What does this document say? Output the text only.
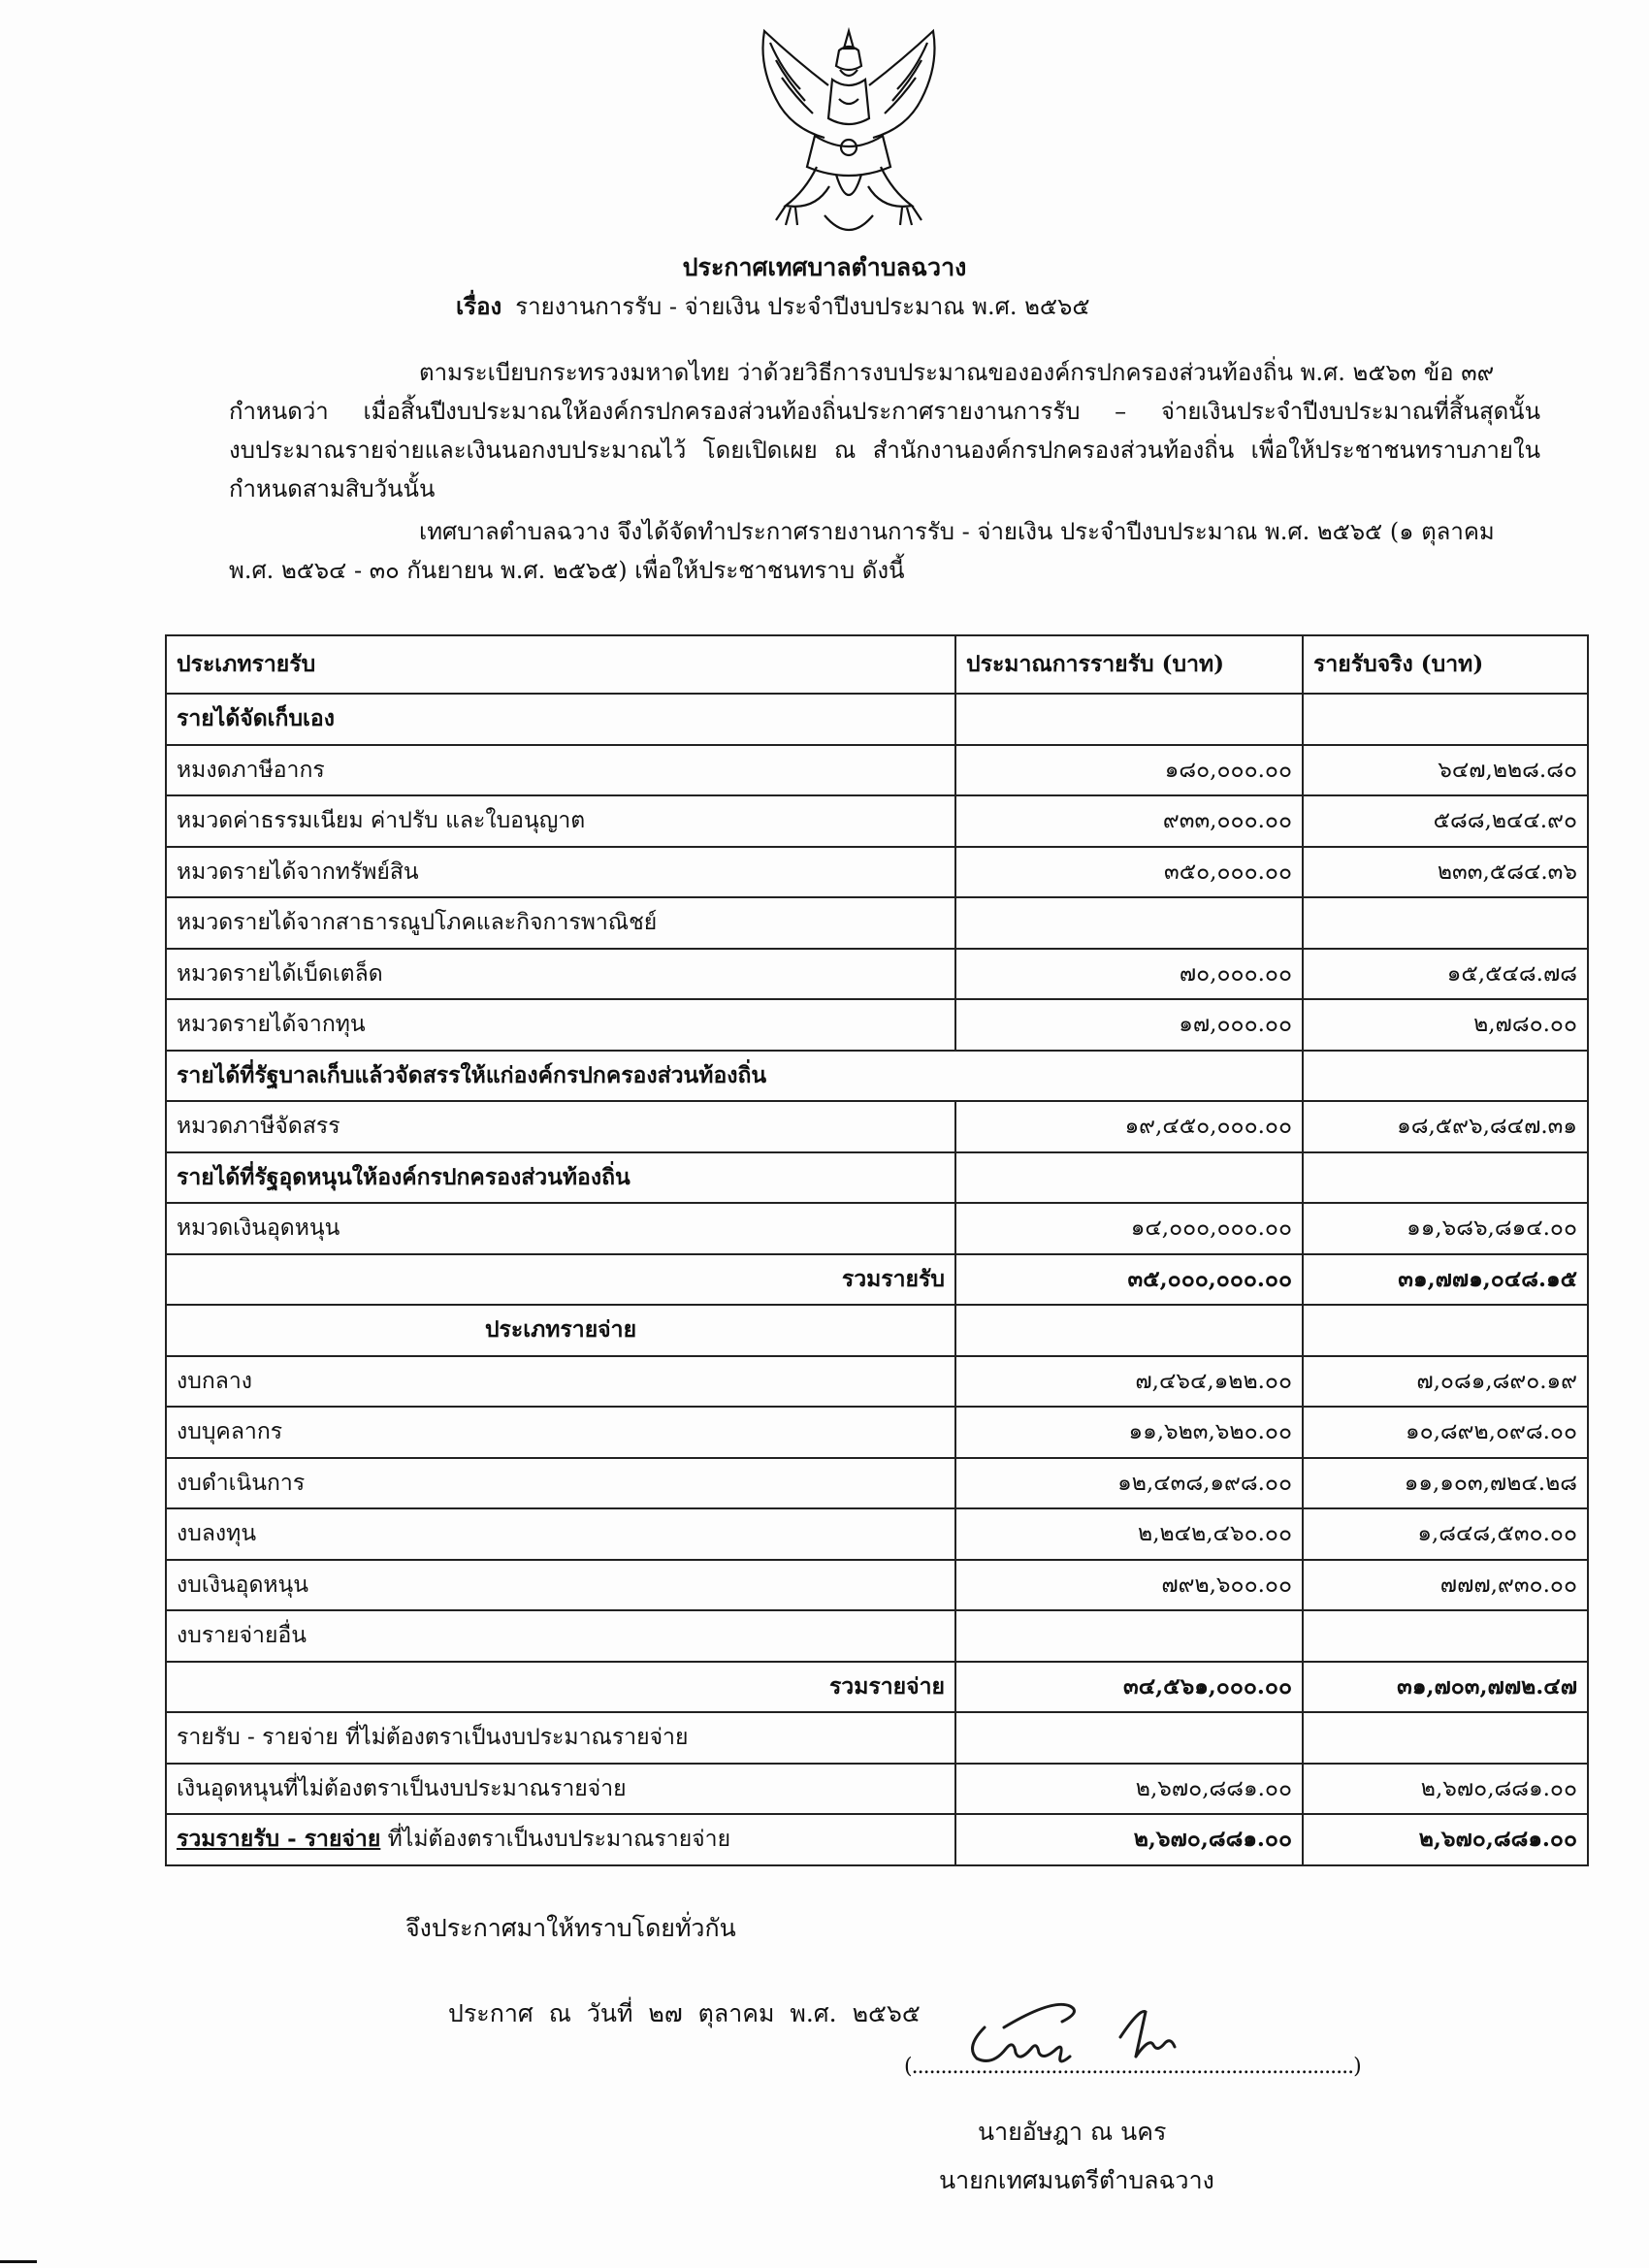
ประกาศเทศบาลตำบลฉวาง
เรื่อง รายงานการรับ - จ่ายเงิน ประจำปีงบประมาณ พ.ศ. ๒๕๖๕
ตามระเบียบกระทรวงมหาดไทย ว่าด้วยวิธีการงบประมาณขององค์กรปกครองส่วนท้องถิ่น พ.ศ. ๒๕๖๓ ข้อ ๓๙
กำหนดว่า เมื่อสิ้นปีงบประมาณให้องค์กรปกครองส่วนท้องถิ่นประกาศรายงานการรับ – จ่ายเงินประจำปีงบประมาณที่สิ้นสุดนั้น
งบประมาณรายจ่ายและเงินนอกงบประมาณไว้ โดยเปิดเผย ณ สำนักงานองค์กรปกครองส่วนท้องถิ่น เพื่อให้ประชาชนทราบภายใน
กำหนดสามสิบวันนั้น
เทศบาลตำบลฉวาง จึงได้จัดทำประกาศรายงานการรับ - จ่ายเงิน ประจำปีงบประมาณ พ.ศ. ๒๕๖๕ (๑ ตุลาคม
พ.ศ. ๒๕๖๔ - ๓๐ กันยายน พ.ศ. ๒๕๖๕) เพื่อให้ประชาชนทราบ ดังนี้
ประเภทรายรับ	ประมาณการรายรับ (บาท)	รายรับจริง (บาท)
รายได้จัดเก็บเอง		
หมงดภาษีอากร	๑๘๐,๐๐๐.๐๐	๖๔๗,๒๒๘.๘๐
หมวดค่าธรรมเนียม ค่าปรับ และใบอนุญาต	๙๓๓,๐๐๐.๐๐	๕๘๘,๒๔๔.๙๐
หมวดรายได้จากทรัพย์สิน	๓๕๐,๐๐๐.๐๐	๒๓๓,๕๘๔.๓๖
หมวดรายได้จากสาธารณูปโภคและกิจการพาณิชย์		
หมวดรายได้เบ็ดเตล็ด	๗๐,๐๐๐.๐๐	๑๕,๕๔๘.๗๘
หมวดรายได้จากทุน	๑๗,๐๐๐.๐๐	๒,๗๘๐.๐๐
รายได้ที่รัฐบาลเก็บแล้วจัดสรรให้แก่องค์กรปกครองส่วนท้องถิ่น		
หมวดภาษีจัดสรร	๑๙,๔๕๐,๐๐๐.๐๐	๑๘,๕๙๖,๘๔๗.๓๑
รายได้ที่รัฐอุดหนุนให้องค์กรปกครองส่วนท้องถิ่น		
หมวดเงินอุดหนุน	๑๔,๐๐๐,๐๐๐.๐๐	๑๑,๖๘๖,๘๑๔.๐๐
รวมรายรับ	๓๕,๐๐๐,๐๐๐.๐๐	๓๑,๗๗๑,๐๔๘.๑๕
ประเภทรายจ่าย		
งบกลาง	๗,๔๖๔,๑๒๒.๐๐	๗,๐๘๑,๘๙๐.๑๙
งบบุคลากร	๑๑,๖๒๓,๖๒๐.๐๐	๑๐,๘๙๒,๐๙๘.๐๐
งบดำเนินการ	๑๒,๔๓๘,๑๙๘.๐๐	๑๑,๑๐๓,๗๒๔.๒๘
งบลงทุน	๒,๒๔๒,๔๖๐.๐๐	๑,๘๔๘,๕๓๐.๐๐
งบเงินอุดหนุน	๗๙๒,๖๐๐.๐๐	๗๗๗,๙๓๐.๐๐
งบรายจ่ายอื่น		
รวมรายจ่าย	๓๔,๕๖๑,๐๐๐.๐๐	๓๑,๗๐๓,๗๗๒.๔๗
รายรับ - รายจ่าย ที่ไม่ต้องตราเป็นงบประมาณรายจ่าย		
เงินอุดหนุนที่ไม่ต้องตราเป็นงบประมาณรายจ่าย	๒,๖๗๐,๘๘๑.๐๐	๒,๖๗๐,๘๘๑.๐๐
รวมรายรับ - รายจ่าย ที่ไม่ต้องตราเป็นงบประมาณรายจ่าย	๒,๖๗๐,๘๘๑.๐๐	๒,๖๗๐,๘๘๑.๐๐
จึงประกาศมาให้ทราบโดยทั่วกัน
ประกาศ ณ วันที่ ๒๗ ตุลาคม พ.ศ. ๒๕๖๕
(............................................................................)
นายอัษฎา ณ นคร
นายกเทศมนตรีตำบลฉวาง
